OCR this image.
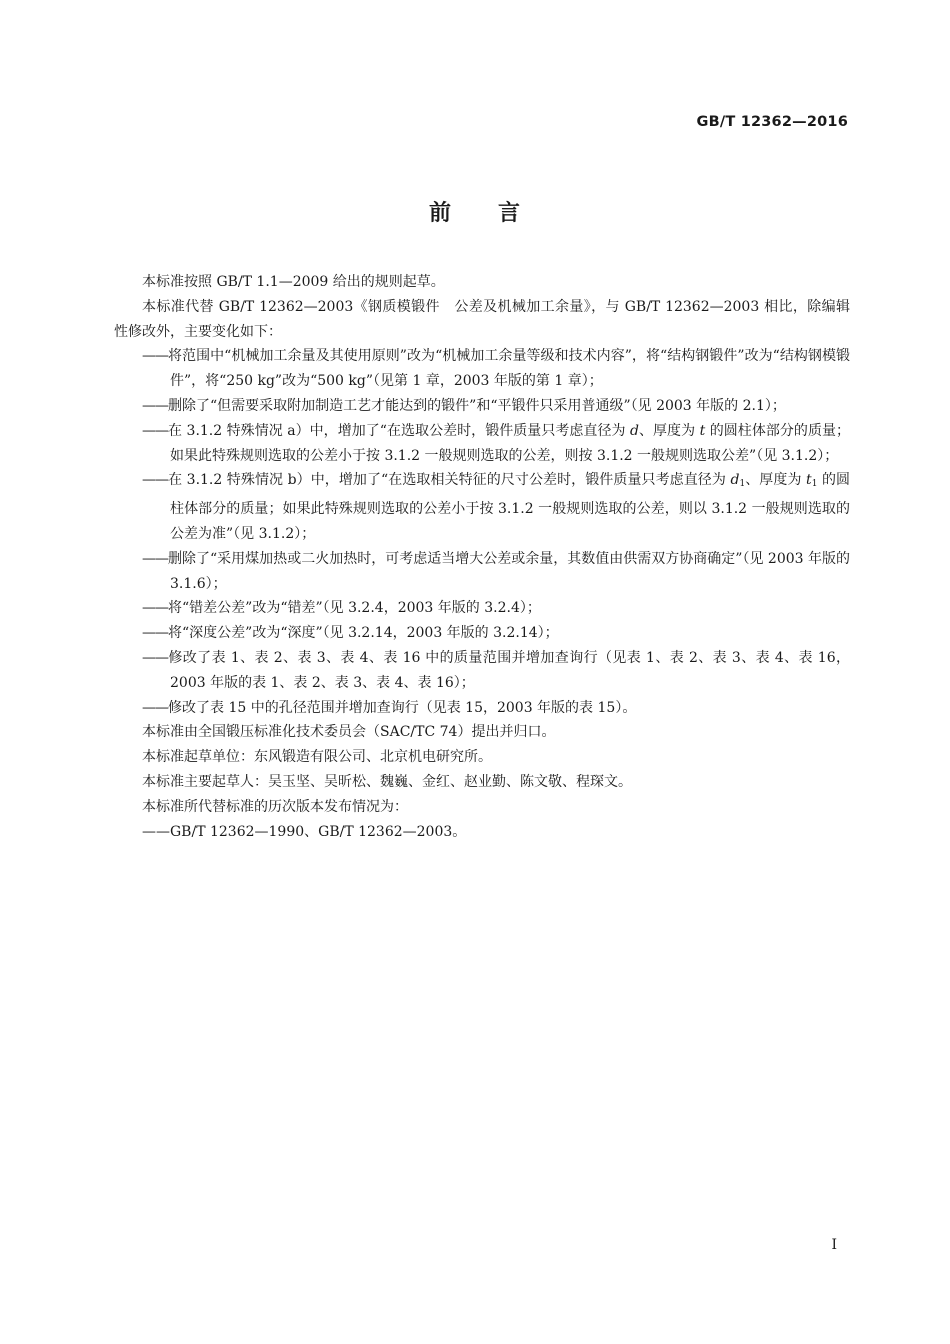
GB/T 12362—2016
前 言

本标准按照 GB/T 1.1—2009 给出的规则起草。

本标准代替 GB/T 12362—2003《钢质模锻件　公差及机械加工余量》，与 GB/T 12362—2003 相比，除编辑性修改外，主要变化如下：

——将范围中“机械加工余量及其使用原则”改为“机械加工余量等级和技术内容”，将“结构钢锻件”改为“结构钢模锻件”，将“250 kg”改为“500 kg”（见第 1 章，2003 年版的第 1 章）；

——删除了“但需要采取附加制造工艺才能达到的锻件”和“平锻件只采用普通级”（见 2003 年版的 2.1）；

——在 3.1.2 特殊情况 a）中，增加了“在选取公差时，锻件质量只考虑直径为 d、厚度为 t 的圆柱体部分的质量；如果此特殊规则选取的公差小于按 3.1.2 一般规则选取的公差，则按 3.1.2 一般规则选取公差”（见 3.1.2）；

——在 3.1.2 特殊情况 b）中，增加了“在选取相关特征的尺寸公差时，锻件质量只考虑直径为 $d_1$、厚度为 $t_1$ 的圆柱体部分的质量；如果此特殊规则选取的公差小于按 3.1.2 一般规则选取的公差，则以 3.1.2 一般规则选取的公差为准”（见 3.1.2）；

——删除了“采用煤加热或二火加热时，可考虑适当增大公差或余量，其数值由供需双方协商确定”（见 2003 年版的 3.1.6）；

——将“错差公差”改为“错差”（见 3.2.4，2003 年版的 3.2.4）；

——将“深度公差”改为“深度”（见 3.2.14，2003 年版的 3.2.14）；

——修改了表 1、表 2、表 3、表 4、表 16 中的质量范围并增加查询行（见表 1、表 2、表 3、表 4、表 16，2003 年版的表 1、表 2、表 3、表 4、表 16）；

——修改了表 15 中的孔径范围并增加查询行（见表 15，2003 年版的表 15）。

本标准由全国锻压标准化技术委员会（SAC/TC 74）提出并归口。

本标准起草单位：东风锻造有限公司、北京机电研究所。

本标准主要起草人：吴玉坚、吴昕松、魏巍、金红、赵业勤、陈文敬、程琛文。

本标准所代替标准的历次版本发布情况为：

——GB/T 12362—1990、GB/T 12362—2003。

I
